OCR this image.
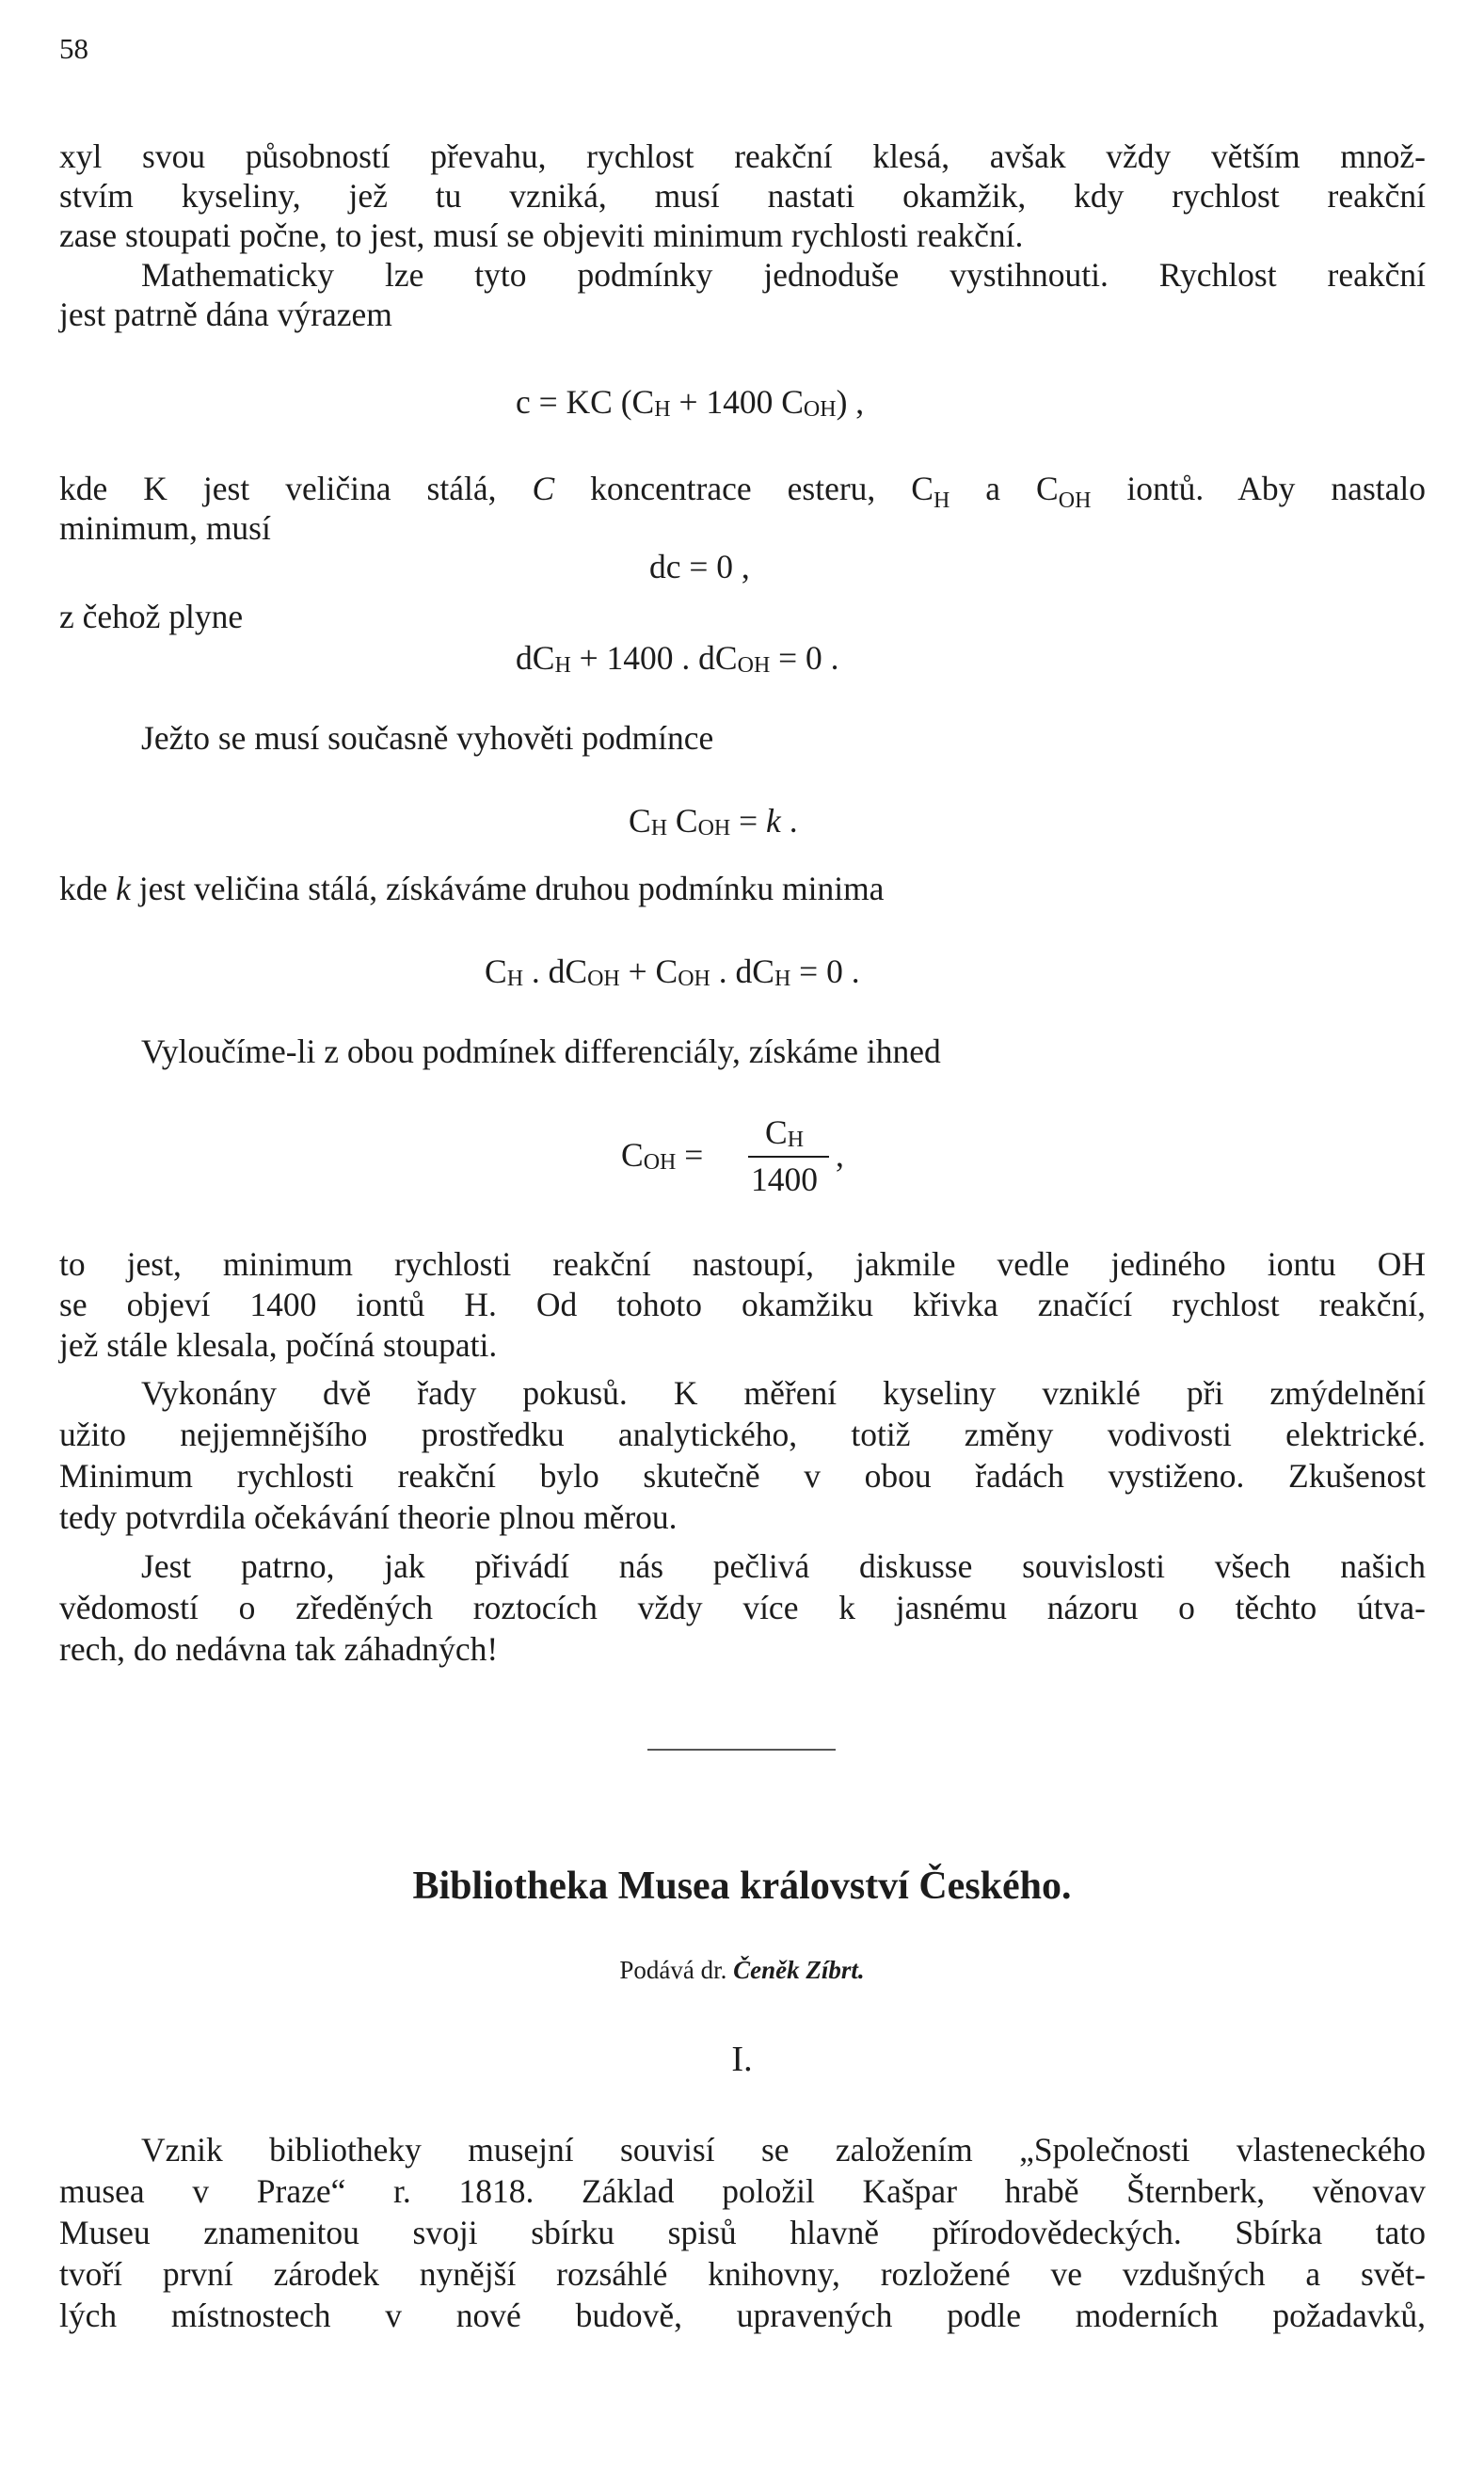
58
xyl svou působností převahu, rychlost reakční klesá, avšak vždy větším množ-
stvím kyseliny, jež tu vzniká, musí nastati okamžik, kdy rychlost reakční
zase stoupati počne, to jest, musí se objeviti minimum rychlosti reakční.
Mathematicky lze tyto podmínky jednoduše vystihnouti. Rychlost reakční
jest patrně dána výrazem
c = KC ($C_H + 1400$ $C_{OH}$) ,
kde K jest veličina stálá, C koncentrace esteru, $C_H$ a $C_{OH}$ iontů. Aby nastalo
minimum, musí
dc = 0 ,
z čehož plyne
$dC_H + 1400$ . $dC_{OH} = 0$ .
Ježto se musí současně vyhověti podmínce
$C_H$ $C_{OH} = k$ .
kde k jest veličina stálá, získáváme druhou podmínku minima
$C_H$ . $dC_{OH} + C_{OH}$ . $dC_H = 0$ .
Vyloučíme-li z obou podmínek differenciály, získáme ihned
$C_{OH}$ =
$C_H$
1400
,
to jest, minimum rychlosti reakční nastoupí, jakmile vedle jediného iontu OH
se objeví 1400 iontů H. Od tohoto okamžiku křivka značící rychlost reakční,
jež stále klesala, počíná stoupati.
Vykonány dvě řady pokusů. K měření kyseliny vzniklé při zmýdelnění
užito nejjemnějšího prostředku analytického, totiž změny vodivosti elektrické.
Minimum rychlosti reakční bylo skutečně v obou řadách vystiženo. Zkušenost
tedy potvrdila očekávání theorie plnou měrou.
Jest patrno, jak přivádí nás pečlivá diskusse souvislosti všech našich
vědomostí o zředěných roztocích vždy více k jasnému názoru o těchto útva-
rech, do nedávna tak záhadných!
Bibliotheka Musea království Českého.
Podává dr. Čeněk Zíbrt.
I.
Vznik bibliotheky musejní souvisí se založením „Společnosti vlasteneckého
musea v Praze“ r. 1818. Základ položil Kašpar hrabě Šternberk, věnovav
Museu znamenitou svoji sbírku spisů hlavně přírodovědeckých. Sbírka tato
tvoří první zárodek nynější rozsáhlé knihovny, rozložené ve vzdušných a svět-
lých místnostech v nové budově, upravených podle moderních požadavků,
